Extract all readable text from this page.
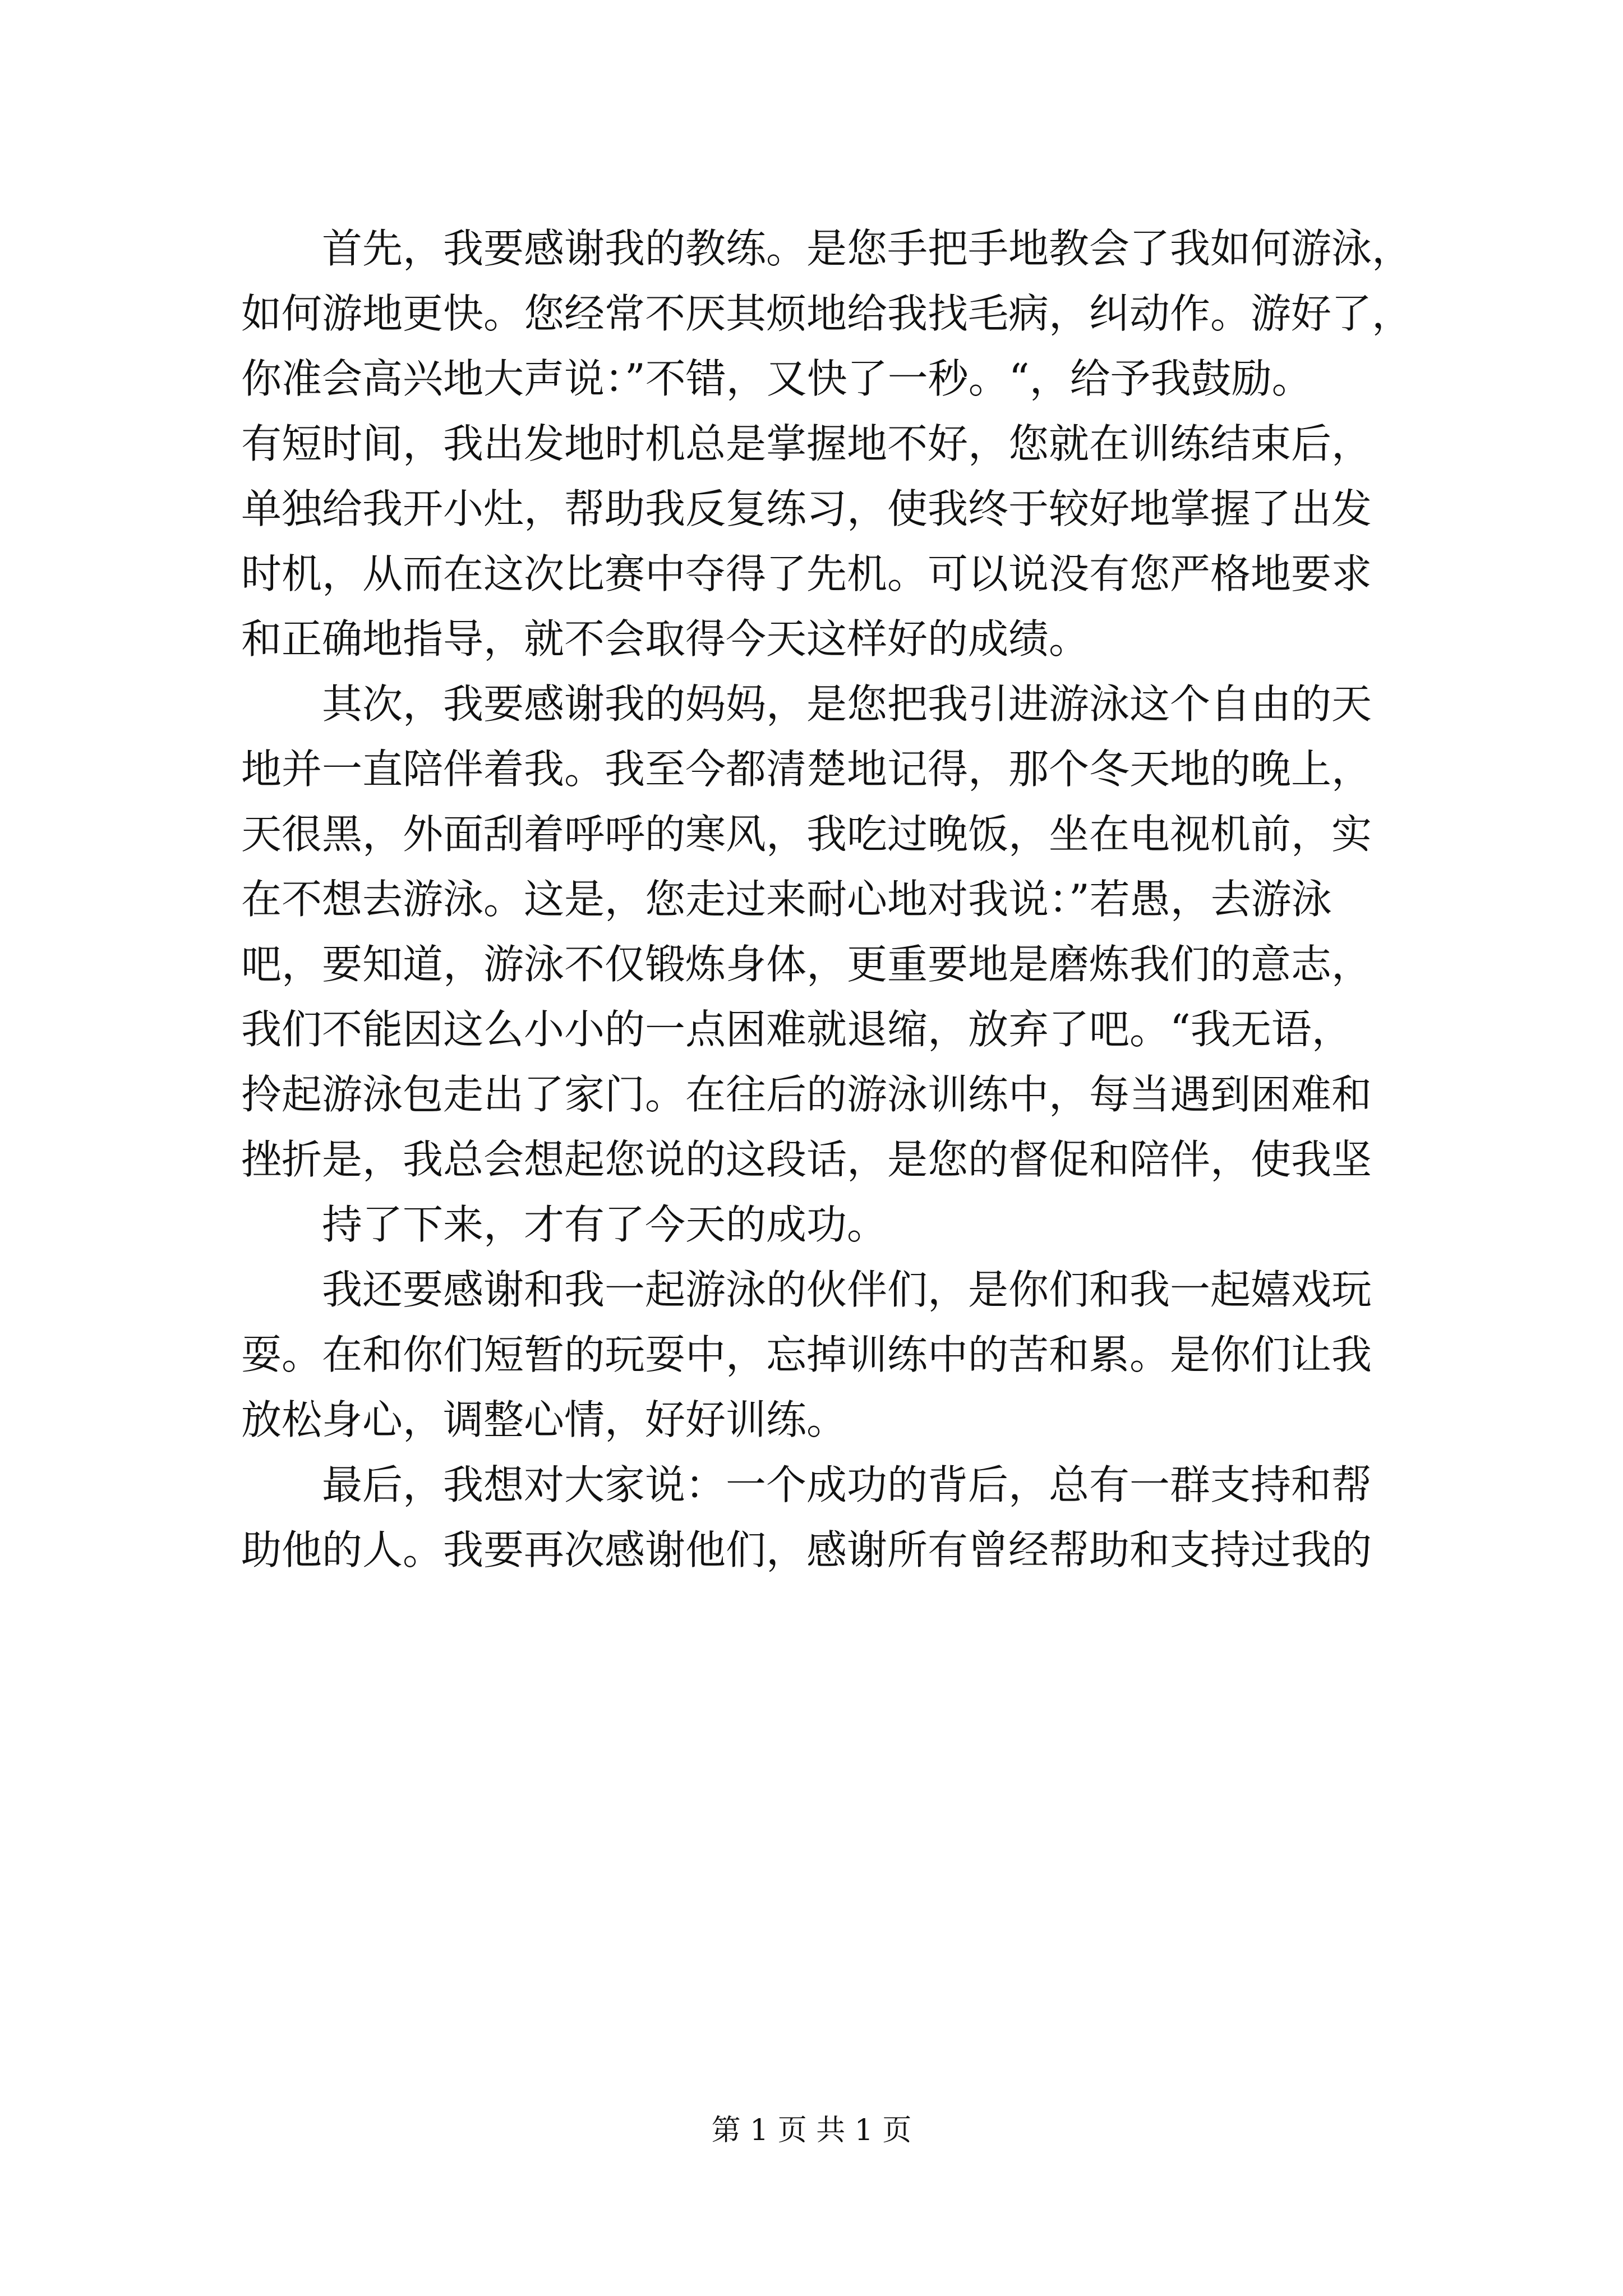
首先，我要感谢我的教练。是您手把手地教会了我如何游泳，
如何游地更快。您经常不厌其烦地给我找毛病，纠动作。游好了，
你准会高兴地大声说：”不错，又快了一秒。“，给予我鼓励。
有短时间，我出发地时机总是掌握地不好，您就在训练结束后，
单独给我开小灶，帮助我反复练习，使我终于较好地掌握了出发
时机，从而在这次比赛中夺得了先机。可以说没有您严格地要求
和正确地指导，就不会取得今天这样好的成绩。
其次，我要感谢我的妈妈，是您把我引进游泳这个自由的天
地并一直陪伴着我。我至今都清楚地记得，那个冬天地的晚上，
天很黑，外面刮着呼呼的寒风，我吃过晚饭，坐在电视机前，实
在不想去游泳。这是，您走过来耐心地对我说：”若愚，去游泳
吧，要知道，游泳不仅锻炼身体，更重要地是磨炼我们的意志，
我们不能因这么小小的一点困难就退缩，放弃了吧。“我无语，
拎起游泳包走出了家门。在往后的游泳训练中，每当遇到困难和
挫折是，我总会想起您说的这段话，是您的督促和陪伴，使我坚
持了下来，才有了今天的成功。
我还要感谢和我一起游泳的伙伴们，是你们和我一起嬉戏玩
耍。在和你们短暂的玩耍中，忘掉训练中的苦和累。是你们让我
放松身心，调整心情，好好训练。
最后，我想对大家说：一个成功的背后，总有一群支持和帮
助他的人。我要再次感谢他们，感谢所有曾经帮助和支持过我的
第 1 页 共 1 页
